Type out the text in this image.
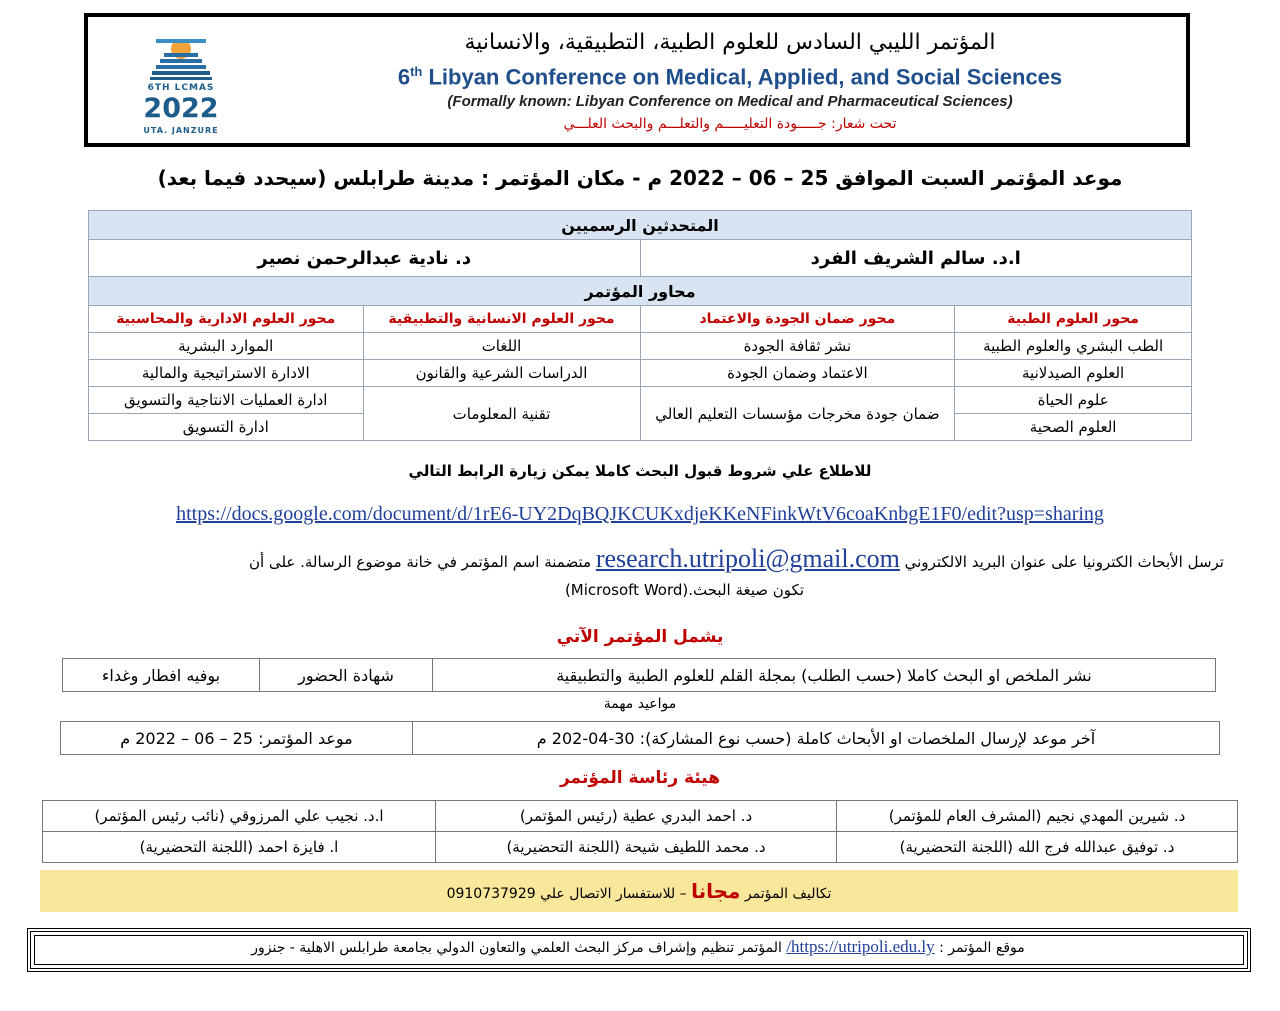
6TH LCMAS
2022
UTA. JANZURE
المؤتمر الليبي السادس للعلوم الطبية، التطبيقية، والانسانية
6th Libyan Conference on Medical, Applied, and Social Sciences
(Formally known: Libyan Conference on Medical and Pharmaceutical Sciences)
تحت شعار: جـــــودة التعليـــــم والتعلـــم والبحث العلـــي
موعد المؤتمر السبت الموافق 25 – 06 – 2022 م - مكان المؤتمر : مدينة طرابلس (سيحدد فيما بعد)
المتحدثين الرسميين			
ا.د. سالم الشريف الفرد		د. نادية عبدالرحمن نصير	
محاور المؤتمر			
محور العلوم الطبية	محور ضمان الجودة والاعتماد	محور العلوم الانسانية والتطبيقية	محور العلوم الادارية والمحاسبية
الطب البشري والعلوم الطبية	نشر ثقافة الجودة	اللغات	الموارد البشرية
العلوم الصيدلانية	الاعتماد وضمان الجودة	الدراسات الشرعية والقانون	الادارة الاستراتيجية والمالية
علوم الحياة	ضمان جودة مخرجات مؤسسات التعليم العالي	تقنية المعلومات	ادارة العمليات الانتاجية والتسويق
العلوم الصحية			ادارة التسويق
للاطلاع علي شروط قبول البحث كاملا يمكن زيارة الرابط التالي
https://docs.google.com/document/d/1rE6-UY2DqBQJKCUKxdjeKKeNFinkWtV6coaKnbgE1F0/edit?usp=sharing
ترسل الأبحاث الكترونيا على عنوان البريد الالكتروني research.utripoli@gmail.com متضمنة اسم المؤتمر في خانة موضوع الرسالة. على أن
تكون صيغة البحث.(Microsoft Word)
يشمل المؤتمر الآتي
نشر الملخص او البحث كاملا (حسب الطلب) بمجلة القلم للعلوم الطبية والتطبيقية	شهادة الحضور	بوفيه افطار وغداء
مواعيد مهمة
آخر موعد لإرسال الملخصات او الأبحاث كاملة (حسب نوع المشاركة): 30-04-202 م	موعد المؤتمر: 25 – 06 – 2022 م
هيئة رئاسة المؤتمر
د. شيرين المهدي نجيم (المشرف العام للمؤتمر)	د. احمد البدري عطية (رئيس المؤتمر)	ا.د. نجيب علي المرزوقي (نائب رئيس المؤتمر)
د. توفيق عبدالله فرج الله (اللجنة التحضيرية)	د. محمد اللطيف شيحة (اللجنة التحضيرية)	ا. فايزة احمد (اللجنة التحضيرية)
تكاليف المؤتمر مجانا – للاستفسار الاتصال علي 0910737929
موقع المؤتمر : https://utripoli.edu.ly/ المؤتمر تنظيم وإشراف مركز البحث العلمي والتعاون الدولي بجامعة طرابلس الاهلية - جنزور
